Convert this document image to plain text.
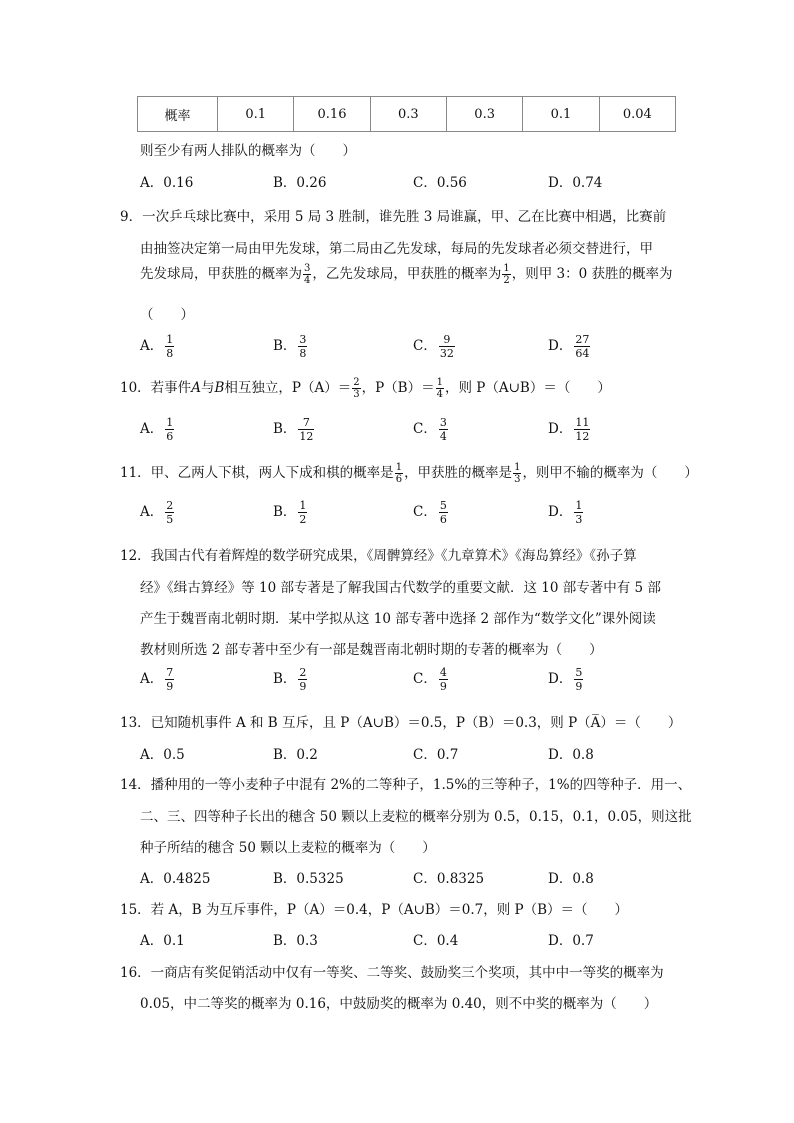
概率	0.1	0.16	0.3	0.3	0.1	0.04
则至少有两人排队的概率为（　　）
A．0.16	B．0.26	C．0.56	D．0.74
9．一次乒乓球比赛中，采用 5 局 3 胜制，谁先胜 3 局谁赢，甲、乙在比赛中相遇，比赛前
由抽签决定第一局由甲先发球，第二局由乙先发球，每局的先发球者必须交替进行，甲
先发球局，甲获胜的概率为 $\frac{3}{4}$ ，乙先发球局，甲获胜的概率为 $\frac{1}{2}$ ，则甲 3：0 获胜的概率为
（　　）
A． $\frac{1}{8}$	B． $\frac{3}{8}$	C． $\frac{9}{32}$	D． $\frac{27}{64}$
10．若事件A与B相互独立，$P(A)= \frac{2}{3}$ ，$P(B)= \frac{1}{4}$ ，则 P（A∪B）＝（　　）
A． $\frac{1}{6}$	B． $\frac{7}{12}$	C． $\frac{3}{4}$	D． $\frac{11}{12}$
11．甲、乙两人下棋，两人下成和棋的概率是 $\frac{1}{6}$ ，甲获胜的概率是 $\frac{1}{3}$ ，则甲不输的概率为（　　）
A． $\frac{2}{5}$	B． $\frac{1}{2}$	C． $\frac{5}{6}$	D． $\frac{1}{3}$
12．我国古代有着辉煌的数学研究成果，《周髀算经》《九章算术》《海岛算经》《孙子算
经》《缉古算经》等 10 部专著是了解我国古代数学的重要文献．这 10 部专著中有 5 部
产生于魏晋南北朝时期．某中学拟从这 10 部专著中选择 2 部作为“数学文化”课外阅读
教材则所选 2 部专著中至少有一部是魏晋南北朝时期的专著的概率为（　　）
A． $\frac{7}{9}$	B． $\frac{2}{9}$	C． $\frac{4}{9}$	D． $\frac{5}{9}$
13．已知随机事件 A 和 B 互斥，且 P（A∪B）＝0.5，P（B）＝0.3，则 P（A̅）＝（　　）
A．0.5	B．0.2	C．0.7	D．0.8
14．播种用的一等小麦种子中混有 2%的二等种子，1.5%的三等种子，1%的四等种子．用一、
二、三、四等种子长出的穗含 50 颗以上麦粒的概率分别为 0.5，0.15，0.1，0.05，则这批
种子所结的穗含 50 颗以上麦粒的概率为（　　）
A．0.4825	B．0.5325	C．0.8325	D．0.8
15．若 A，B 为互斥事件，P（A）＝0.4，P（A∪B）＝0.7，则 P（B）＝（　　）
A．0.1	B．0.3	C．0.4	D．0.7
16．一商店有奖促销活动中仅有一等奖、二等奖、鼓励奖三个奖项，其中中一等奖的概率为
0.05，中二等奖的概率为 0.16，中鼓励奖的概率为 0.40，则不中奖的概率为（　　）
